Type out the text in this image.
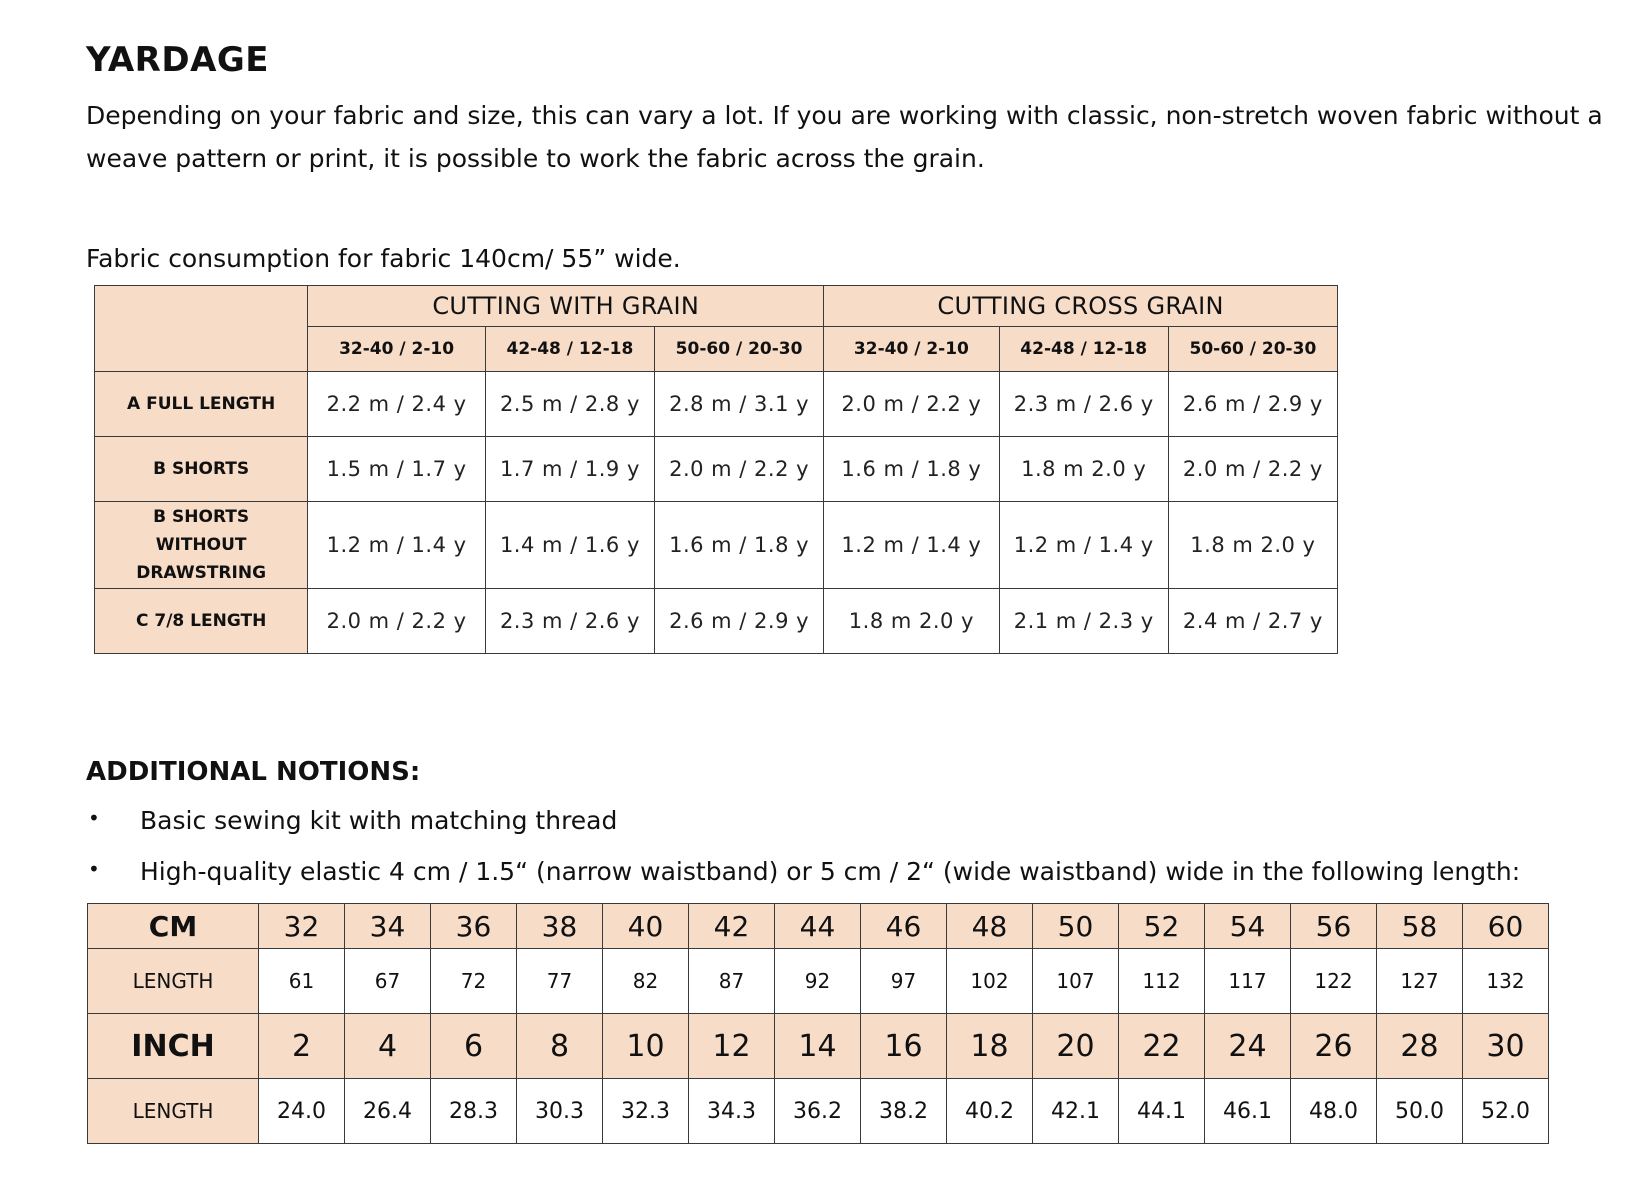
YARDAGE

Depending on your fabric and size, this can vary a lot. If you are working with classic, non-stretch woven fabric without a weave pattern or print, it is possible to work the fabric across the grain.

Fabric consumption for fabric 140cm/ 55” wide.
	CUTTING WITH GRAIN			CUTTING CROSS GRAIN		
	32-40 / 2-10	42-48 / 12-18	50-60 / 20-30	32-40 / 2-10	42-48 / 12-18	50-60 / 20-30
A FULL LENGTH	2.2 m / 2.4 y	2.5 m / 2.8 y	2.8 m / 3.1 y	2.0 m / 2.2 y	2.3 m / 2.6 y	2.6 m / 2.9 y
B SHORTS	1.5 m / 1.7 y	1.7 m / 1.9 y	2.0 m / 2.2 y	1.6 m / 1.8 y	1.8 m 2.0 y	2.0 m / 2.2 y

B SHORTS
WITHOUT
DRAWSTRING	1.2 m / 1.4 y	1.4 m / 1.6 y	1.6 m / 1.8 y	1.2 m / 1.4 y	1.2 m / 1.4 y	1.8 m 2.0 y
C 7/8 LENGTH	2.0 m / 2.2 y	2.3 m / 2.6 y	2.6 m / 2.9 y	1.8 m 2.0 y	2.1 m / 2.3 y	2.4 m / 2.7 y
ADDITIONAL NOTIONS:
• Basic sewing kit with matching thread
• High-quality elastic 4 cm / 1.5“ (narrow waistband) or 5 cm / 2“ (wide waistband) wide in the following length:
CM	32	34	36	38	40	42	44	46	48	50	52	54	56	58	60
LENGTH	61	67	72	77	82	87	92	97	102	107	112	117	122	127	132
INCH	2	4	6	8	10	12	14	16	18	20	22	24	26	28	30
LENGTH	24.0	26.4	28.3	30.3	32.3	34.3	36.2	38.2	40.2	42.1	44.1	46.1	48.0	50.0	52.0
